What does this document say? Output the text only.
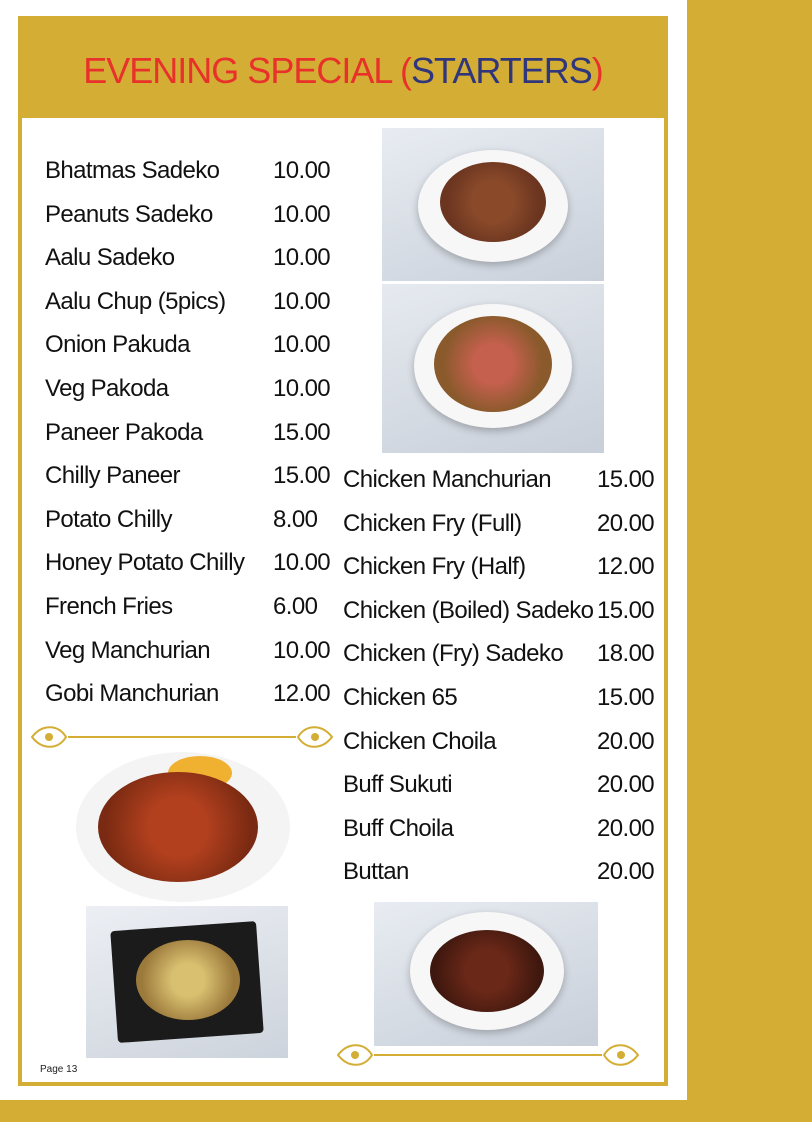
EVENING SPECIAL (STARTERS)
Bhatmas Sadeko 10.00
Peanuts Sadeko	10.00
Aalu Sadeko	10.00
Aalu Chup (5pics) 10.00
Onion Pakuda	10.00
Veg Pakoda	10.00
Paneer Pakoda	15.00
Chilly Paneer	15.00
Potato Chilly	8.00
Honey Potato Chilly 10.00
French Fries	6.00
Veg Manchurian	10.00
Gobi Manchurian 12.00
Chicken Manchurian 15.00
Chicken Fry (Full)	20.00
Chicken Fry (Half)	12.00
Chicken (Boiled) Sadeko 15.00
Chicken (Fry) Sadeko 18.00
Chicken 65	15.00
Chicken Choila	20.00
Buff Sukuti	20.00
Buff Choila	20.00
Buttan	20.00
Page 13
